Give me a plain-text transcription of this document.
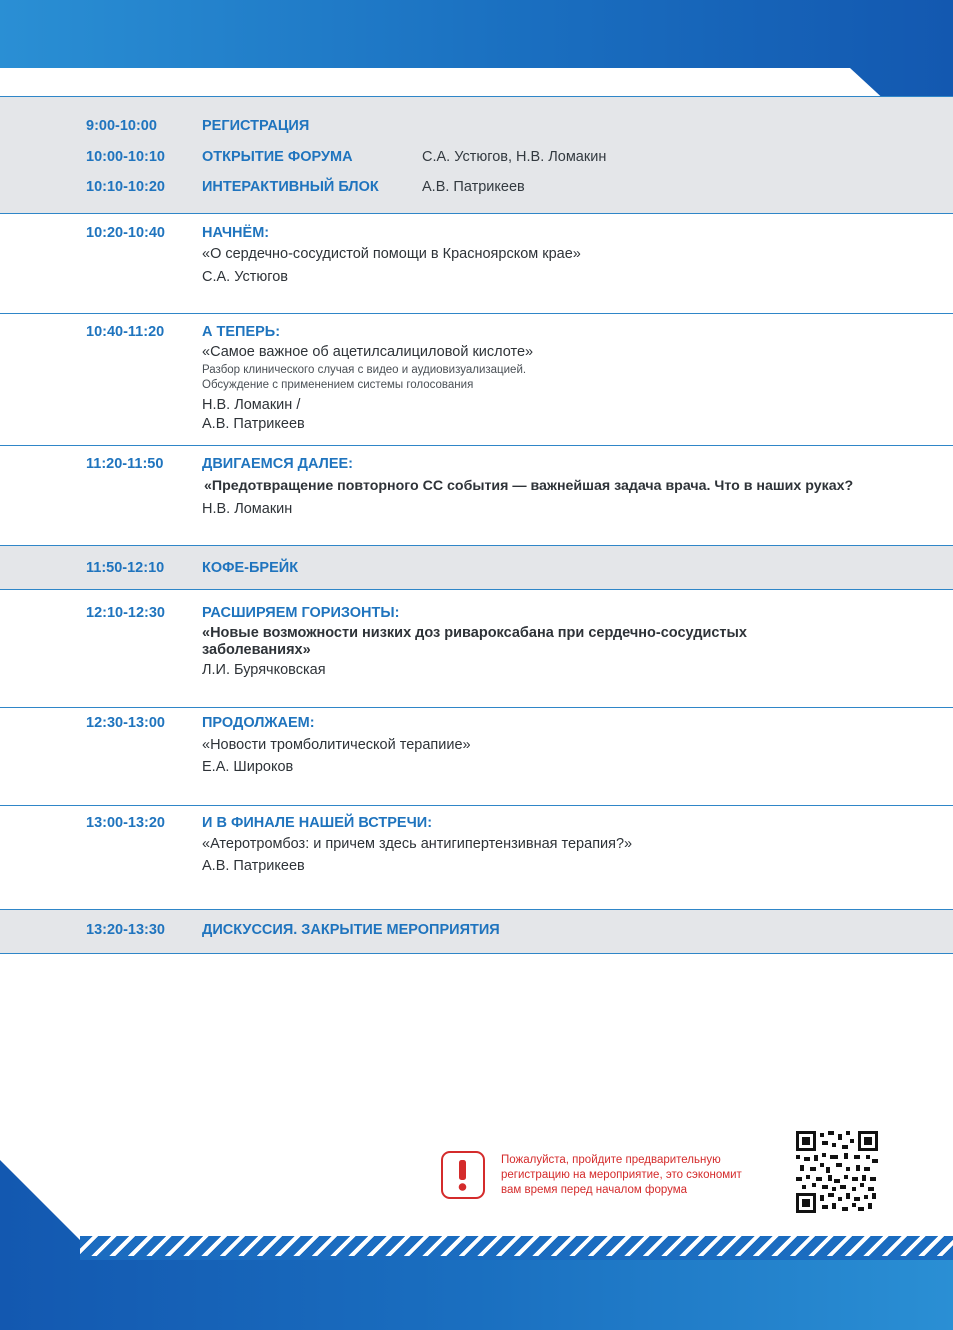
9:00-10:00	РЕГИСТРАЦИЯ
10:00-10:10	ОТКРЫТИЕ ФОРУМА	С.А. Устюгов, Н.В. Ломакин
10:10-10:20	ИНТЕРАКТИВНЫЙ БЛОК	А.В. Патрикеев
10:20-10:40	НАЧНЁМ:
«О сердечно-сосудистой помощи в Красноярском крае»
С.А. Устюгов
10:40-11:20	А ТЕПЕРЬ:
«Самое важное об ацетилсалициловой кислоте»
Разбор клинического случая с видео и аудиовизуализацией.
Обсуждение с применением системы голосования
Н.В. Ломакин /
А.В. Патрикеев
11:20-11:50	ДВИГАЕМСЯ ДАЛЕЕ:
«Предотвращение повторного СС события — важнейшая задача врача. Что в наших руках?
Н.В. Ломакин
11:50-12:10	КОФЕ-БРЕЙК
12:10-12:30	РАСШИРЯЕМ ГОРИЗОНТЫ:
«Новые возможности низких доз ривароксабана при сердечно-сосудистых
заболеваниях»
Л.И. Бурячковская
12:30-13:00	ПРОДОЛЖАЕМ:
«Новости тромболитической терапиие»
Е.А. Широков
13:00-13:20	И В ФИНАЛЕ НАШЕЙ ВСТРЕЧИ:
«Атеротромбоз: и причем здесь антигипертензивная терапия?»
А.В. Патрикеев
13:20-13:30	ДИСКУССИЯ. ЗАКРЫТИЕ МЕРОПРИЯТИЯ
Пожалуйста, пройдите предварительную
регистрацию на мероприятие, это сэкономит
вам время перед началом форума
